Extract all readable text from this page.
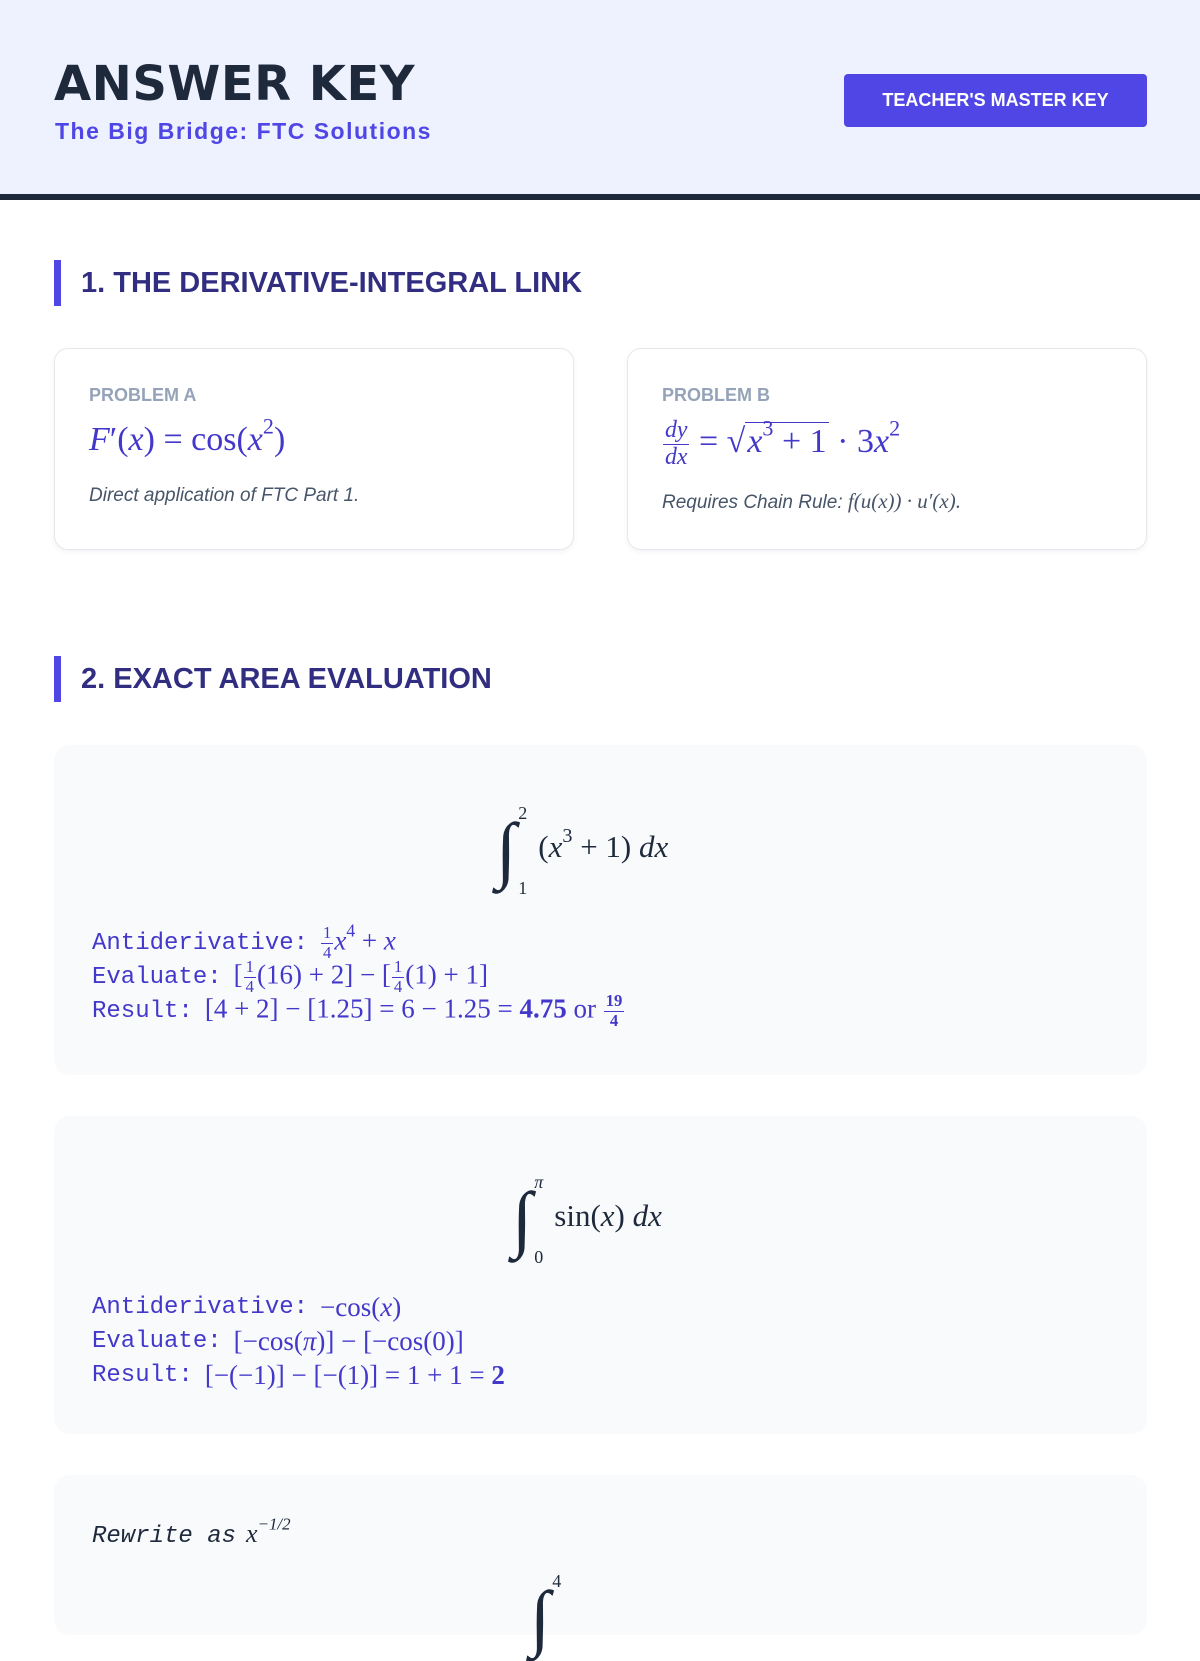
ANSWER KEY
The Big Bridge: FTC Solutions
TEACHER'S MASTER KEY
1. THE DERIVATIVE-INTEGRAL LINK
PROBLEM A
$F'(x) = \cos(x^2)$
Direct application of FTC Part 1.
PROBLEM B
$\frac{dy}{dx} = √x^3 + 1 \cdot 3x^2$
Requires Chain Rule: f(u(x)) · u′(x).
2. EXACT AREA EVALUATION
∫ 2
1
$(x^3 + 1)$ dx
Antiderivative: $\frac{1}{4} x^4 + x$
Evaluate: [ $\frac{1}{4} (16) + 2$] − [ $\frac{1}{4} (1) + 1$]
Result: [4 + 2] − [1.25] = 6 − 1.25 = 4.75 or $\frac{19}{4}$
∫ π
0
sin(x) dx
Antiderivative: −cos(x)
Evaluate: [−cos(π)] − [−cos(0)]
Result: [−(−1)] − [−(1)] = 1 + 1 = 2
Rewrite as $x^{-1/2}$
∫ 4
